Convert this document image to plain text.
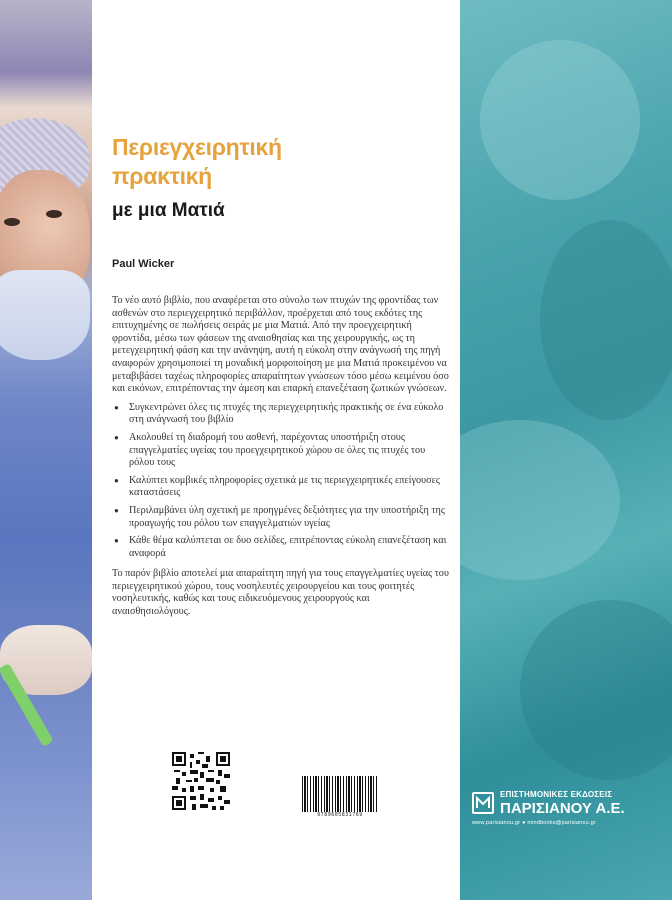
Περιεγχειρητική
πρακτική
με μια Ματιά

Paul Wicker

Το νέο αυτό βιβλίο, που αναφέρεται στο σύνολο των πτυχών της φροντίδας των ασθενών στο περιεγχειρητικό περιβάλλον, προέρχεται από τους εκδότες της επιτυχημένης σε πωλήσεις σειράς με μια Ματιά. Από την προεγχειρητική φροντίδα, μέσω των φάσεων της αναισθησίας και της χειρουργικής, ως τη μετεγχειρητική φάση και την ανάνηψη, αυτή η εύκολη στην ανάγνωσή της πηγή αναφορών χρησιμοποιεί τη μοναδική μορφοποίηση με μια Ματιά προκειμένου να μεταβιβάσει ταχέως πληροφορίες απαραίτητων γνώσεων τόσο μέσω κειμένου όσο και εικόνων, επιτρέποντας την άμεση και επαρκή επανεξέταση ζωτικών γνώσεων.

● Συγκεντρώνει όλες τις πτυχές της περιεγχειρητικής πρακτικής σε ένα εύκολο στη ανάγνωσή του βιβλίο
● Ακολουθεί τη διαδρομή του ασθενή, παρέχοντας υποστήριξη στους επαγγελματίες υγείας του προεγχειρητικού χώρου σε όλες τις πτυχές του ρόλου τους
● Καλύπτει κομβικές πληροφορίες σχετικά με τις περιεγχειρητικές επείγουσες καταστάσεις
● Περιλαμβάνει ύλη σχετική με προηγμένες δεξιότητες για την υποστήριξη της προαγωγής του ρόλου των επαγγελματιών υγείας
● Κάθε θέμα καλύπτεται σε δυο σελίδες, επιτρέποντας εύκολη επανεξέταση και αναφορά

Το παρόν βιβλίο αποτελεί μια απαραίτητη πηγή για τους επαγγελματίες υγείας του περιεγχειρητικού χώρου, τους νοσηλευτές χειρουργείου και τους φοιτητές νοσηλευτικής, καθώς και τους ειδικευόμενους χειρουργούς και αναισθησιολόγους.

9789605831769
ΕΠΙΣΤΗΜΟΝΙΚΕΣ ΕΚΔΟΣΕΙΣ
ΠΑΡΙΣΙΑΝΟΥ Α.Ε.
www.parisianou.gr ● mindbooks@parisianou.gr
